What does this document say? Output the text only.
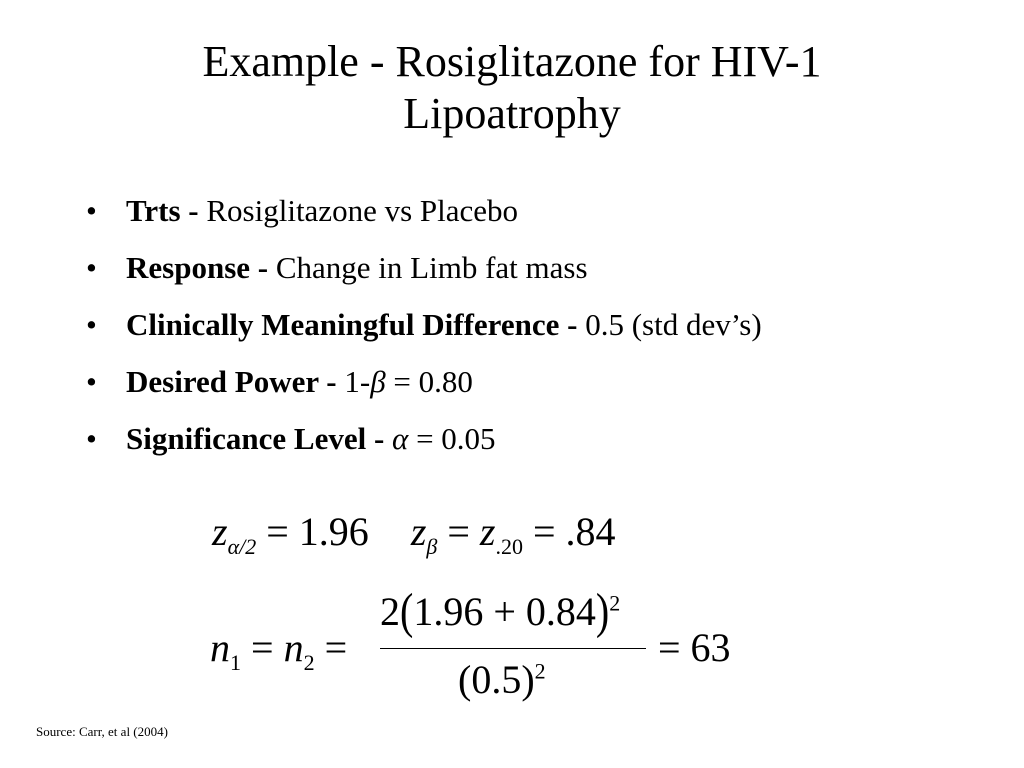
Example - Rosiglitazone for HIV-1
Lipoatrophy
• Trts - Rosiglitazone vs Placebo
• Response - Change in Limb fat mass
• Clinically Meaningful Difference - 0.5 (std dev’s)
• Desired Power - 1-β = 0.80
• Significance Level - α = 0.05
$z_{\alpha/2} = 1.96$ $z_\beta = z_{.20} = .84$
$n_1 = n_2$ =
$2(1.96 + 0.84)^2$
$(0.5)^2$
= 63
Source: Carr, et al (2004)
